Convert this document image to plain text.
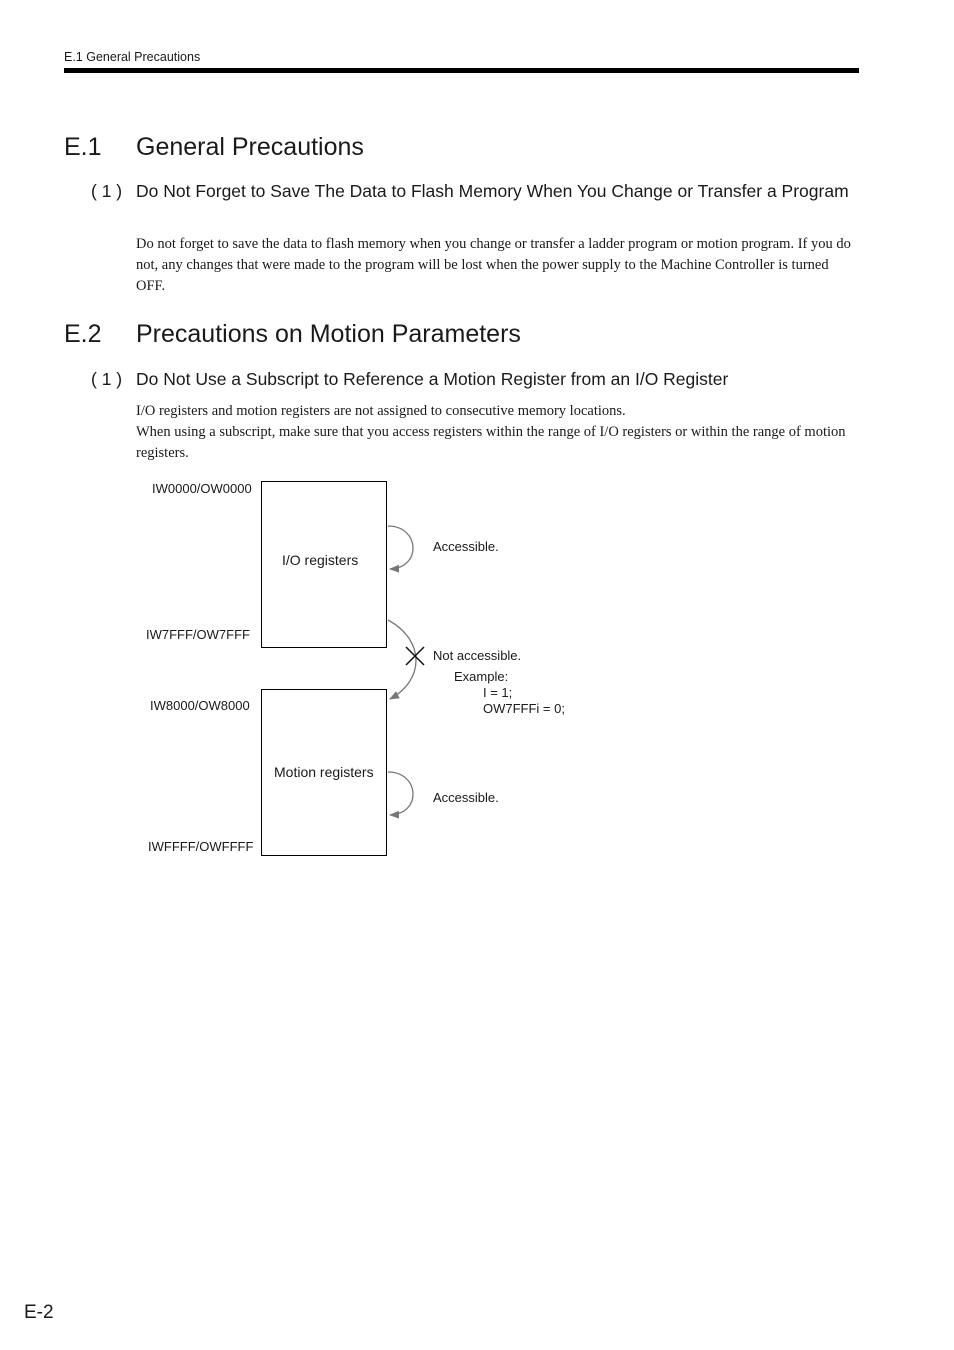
E.1 General Precautions
E.1	General Precautions
( 1 ) Do Not Forget to Save The Data to Flash Memory When You Change or Transfer a Program

Do not forget to save the data to flash memory when you change or transfer a ladder program or motion program. If you do not, any changes that were made to the program will be lost when the power supply to the Machine Controller is turned OFF.

E.2	Precautions on Motion Parameters
( 1 ) Do Not Use a Subscript to Reference a Motion Register from an I/O Register

I/O registers and motion registers are not assigned to consecutive memory locations.

When using a subscript, make sure that you access registers within the range of I/O registers or within the range of motion registers.

I/O registers
Motion registers
IW0000/OW0000
IW7FFF/OW7FFF
IW8000/OW8000
IWFFFF/OWFFFF
Accessible.
Not accessible.
Example:
I = 1;
OW7FFFi = 0;
Accessible.
E-2
